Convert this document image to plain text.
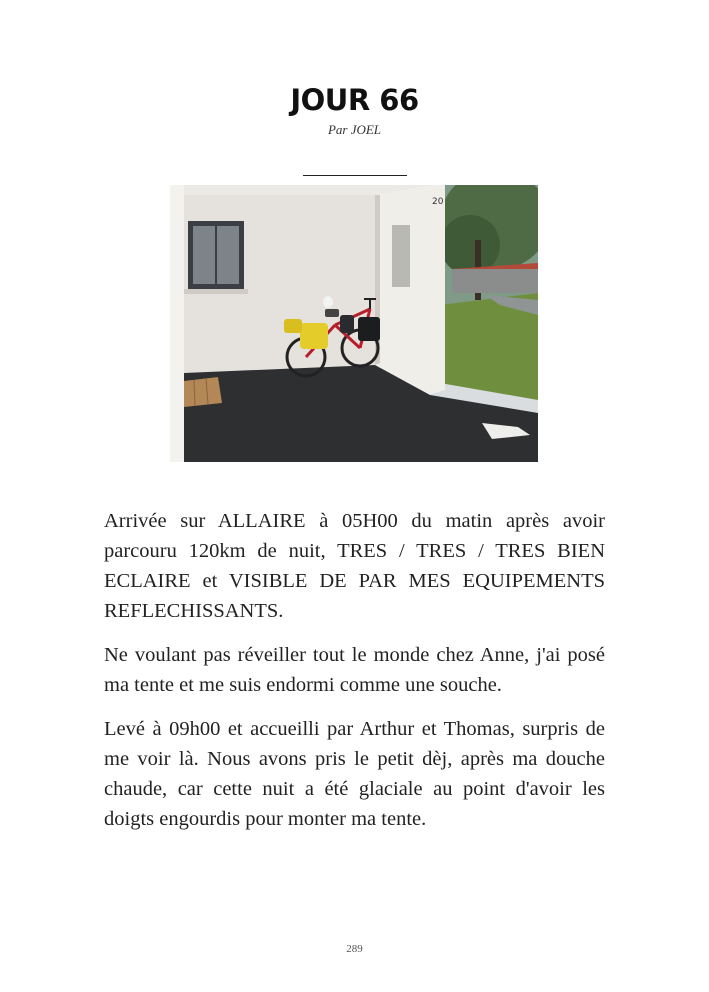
JOUR 66
Par JOEL
20

Arrivée sur ALLAIRE à 05H00 du matin après avoir parcouru 120km de nuit, TRES / TRES / TRES BIEN ECLAIRE et VISIBLE DE PAR MES EQUIPEMENTS REFLECHISSANTS.

Ne voulant pas réveiller tout le monde chez Anne, j'ai posé ma tente et me suis endormi comme une souche.

Levé à 09h00 et accueilli par Arthur et Thomas, surpris de me voir là. Nous avons pris le petit dèj, après ma douche chaude, car cette nuit a été glaciale au point d'avoir les doigts engourdis pour monter ma tente.

289
